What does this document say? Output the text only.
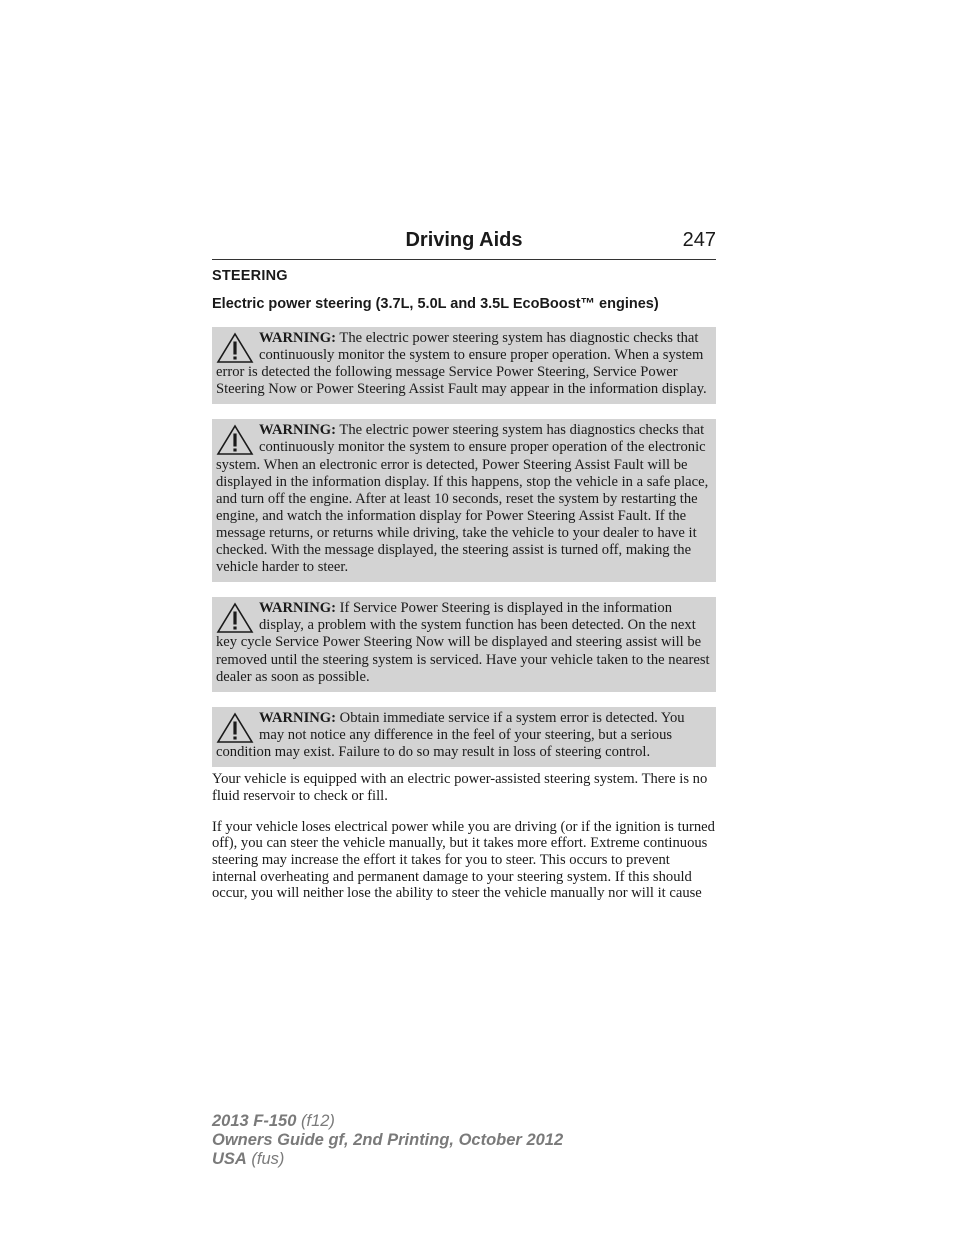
Driving Aids	247
STEERING
Electric power steering (3.7L, 5.0L and 3.5L EcoBoost™ engines)
WARNING: The electric power steering system has diagnostic checks that continuously monitor the system to ensure proper operation. When a system error is detected the following message Service Power Steering, Service Power Steering Now or Power Steering Assist Fault may appear in the information display.
WARNING: The electric power steering system has diagnostics checks that continuously monitor the system to ensure proper operation of the electronic system. When an electronic error is detected, Power Steering Assist Fault will be displayed in the information display. If this happens, stop the vehicle in a safe place, and turn off the engine. After at least 10 seconds, reset the system by restarting the engine, and watch the information display for Power Steering Assist Fault. If the message returns, or returns while driving, take the vehicle to your dealer to have it checked. With the message displayed, the steering assist is turned off, making the vehicle harder to steer.
WARNING: If Service Power Steering is displayed in the information display, a problem with the system function has been detected. On the next key cycle Service Power Steering Now will be displayed and steering assist will be removed until the steering system is serviced. Have your vehicle taken to the nearest dealer as soon as possible.
WARNING: Obtain immediate service if a system error is detected. You may not notice any difference in the feel of your steering, but a serious condition may exist. Failure to do so may result in loss of steering control.

Your vehicle is equipped with an electric power-assisted steering system. There is no fluid reservoir to check or fill.

If your vehicle loses electrical power while you are driving (or if the ignition is turned off), you can steer the vehicle manually, but it takes more effort. Extreme continuous steering may increase the effort it takes for you to steer. This occurs to prevent internal overheating and permanent damage to your steering system. If this should occur, you will neither lose the ability to steer the vehicle manually nor will it cause

2013 F-150 (f12)
Owners Guide gf, 2nd Printing, October 2012
USA (fus)
